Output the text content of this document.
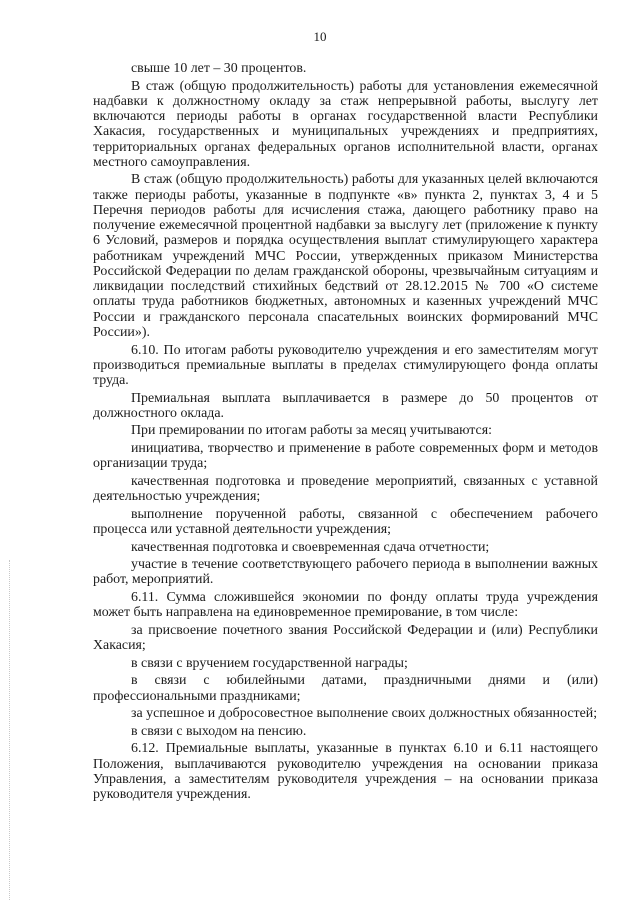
10

свыше 10 лет – 30 процентов.

В стаж (общую продолжительность) работы для установления ежемесячной надбавки к должностному окладу за стаж непрерывной работы, выслугу лет включаются периоды работы в органах государственной власти Республики Хакасия, государственных и муниципальных учреждениях и предприятиях, территориальных органах федеральных органов исполнительной власти, органах местного самоуправления.

В стаж (общую продолжительность) работы для указанных целей включаются также периоды работы, указанные в подпункте «в» пункта 2, пунктах 3, 4 и 5 Перечня периодов работы для исчисления стажа, дающего работнику право на получение ежемесячной процентной надбавки за выслугу лет (приложение к пункту 6 Условий, размеров и порядка осуществления выплат стимулирующего характера работникам учреждений МЧС России, утвержденных приказом Министерства Российской Федерации по делам гражданской обороны, чрезвычайным ситуациям и ликвидации последствий стихийных бедствий от 28.12.2015 № 700 «О системе оплаты труда работников бюджетных, автономных и казенных учреждений МЧС России и гражданского персонала спасательных воинских формирований МЧС России»).

6.10. По итогам работы руководителю учреждения и его заместителям могут производиться премиальные выплаты в пределах стимулирующего фонда оплаты труда.

Премиальная выплата выплачивается в размере до 50 процентов от должностного оклада.

При премировании по итогам работы за месяц учитываются:

инициатива, творчество и применение в работе современных форм и методов организации труда;

качественная подготовка и проведение мероприятий, связанных с уставной деятельностью учреждения;

выполнение порученной работы, связанной с обеспечением рабочего процесса или уставной деятельности учреждения;

качественная подготовка и своевременная сдача отчетности;

участие в течение соответствующего рабочего периода в выполнении важных работ, мероприятий.

6.11. Сумма сложившейся экономии по фонду оплаты труда учреждения может быть направлена на единовременное премирование, в том числе:

за присвоение почетного звания Российской Федерации и (или) Республики Хакасия;

в связи с вручением государственной награды;

в связи с юбилейными датами, праздничными днями и (или) профессиональными праздниками;

за успешное и добросовестное выполнение своих должностных обязанностей;

в связи с выходом на пенсию.

6.12. Премиальные выплаты, указанные в пунктах 6.10 и 6.11 настоящего Положения, выплачиваются руководителю учреждения на основании приказа Управления, а заместителям руководителя учреждения – на основании приказа руководителя учреждения.
